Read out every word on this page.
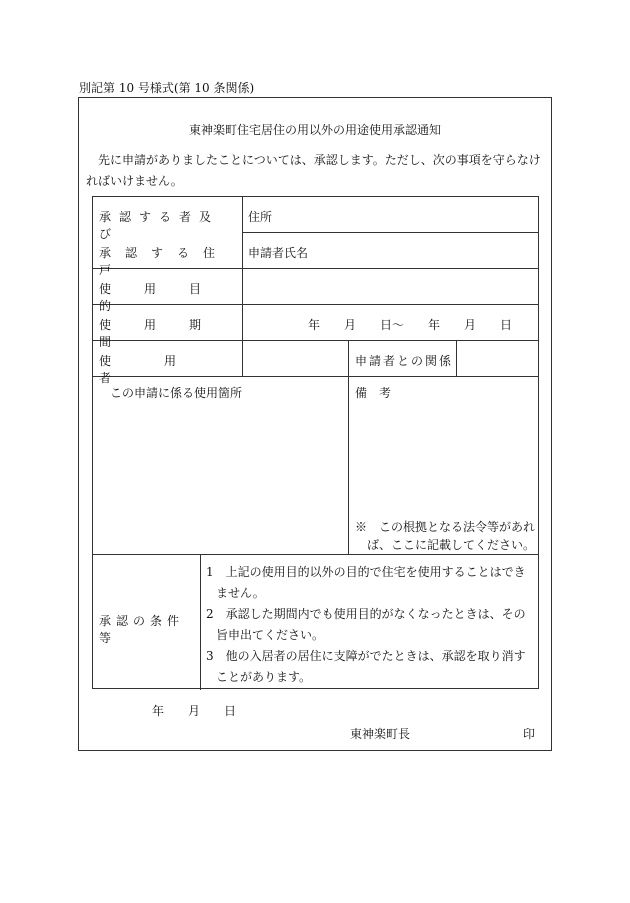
別記第 10 号様式(第 10 条関係)
東神楽町住宅居住の用以外の用途使用承認通知
先に申請がありましたことについては、承認します。ただし、次の事項を守らなければいけません。
承認する者及び
承認する住戸
住所
申請者氏名
使用目的
使用期間
年　　月　　日～　　年　　月　　日
使用者
申請者との関係
この申請に係る使用箇所	備　考
※　この根拠となる法令等があれば、ここに記載してください。
承認の条件等
1　上記の使用目的以外の目的で住宅を使用することはできません。
2　承認した期間内でも使用目的がなくなったときは、その旨申出てください。
3　他の入居者の居住に支障がでたときは、承認を取り消すことがあります。
年　　月　　日
東神楽町長	印
